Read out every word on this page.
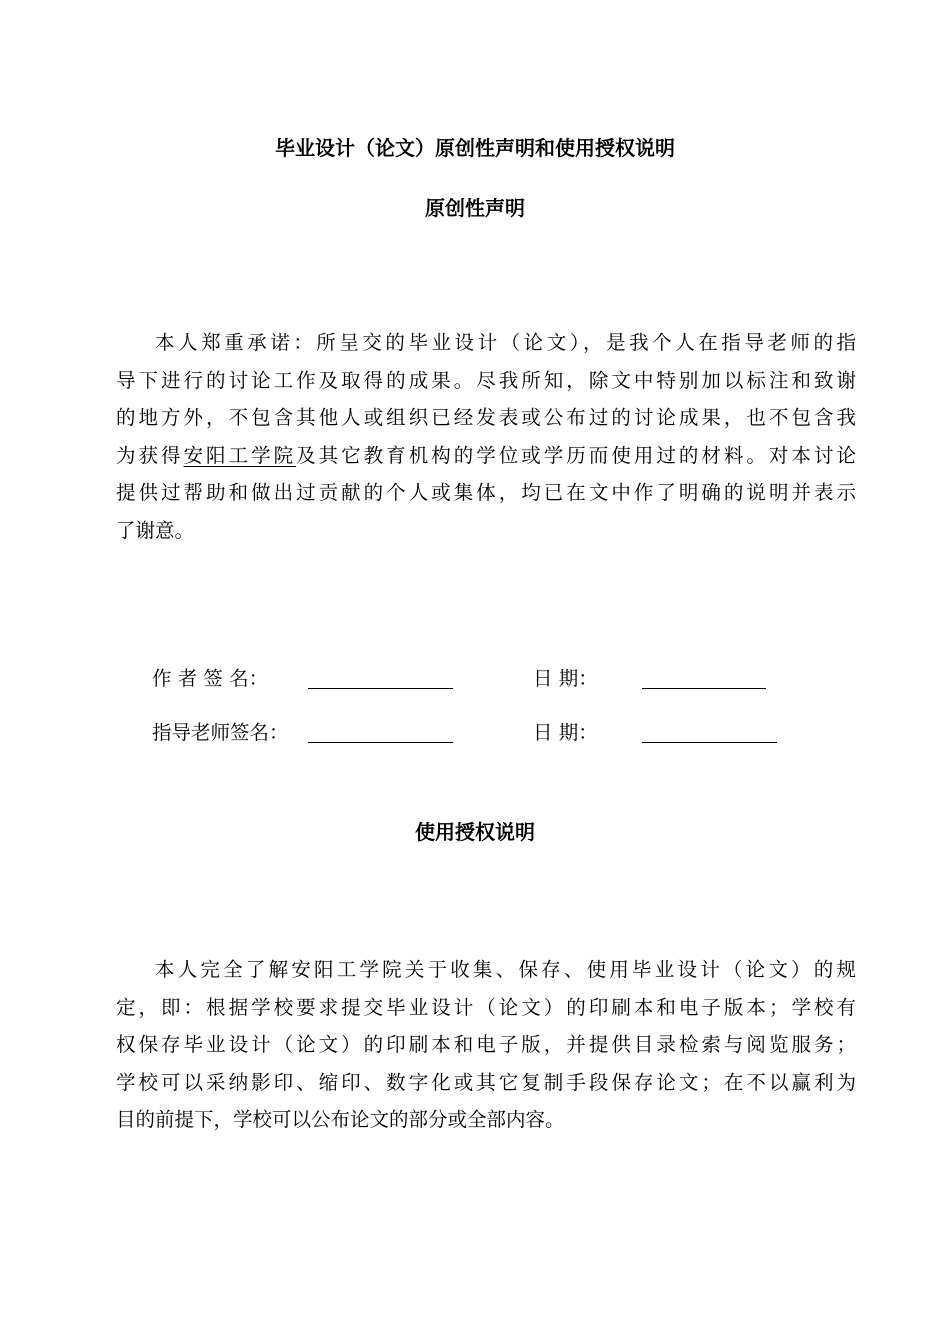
毕业设计（论文）原创性声明和使用授权说明
原创性声明
本人郑重承诺：所呈交的毕业设计（论文），是我个人在指导老师的指
导下进行的讨论工作及取得的成果。尽我所知，除文中特别加以标注和致谢
的地方外，不包含其他人或组织已经发表或公布过的讨论成果，也不包含我
为获得安阳工学院及其它教育机构的学位或学历而使用过的材料。对本讨论
提供过帮助和做出过贡献的个人或集体，均已在文中作了明确的说明并表示
了谢意。
作 者 签 名：	日 期：
指导老师签名：	日 期：
使用授权说明
本人完全了解安阳工学院关于收集、保存、使用毕业设计（论文）的规
定，即：根据学校要求提交毕业设计（论文）的印刷本和电子版本；学校有
权保存毕业设计（论文）的印刷本和电子版，并提供目录检索与阅览服务；
学校可以采纳影印、缩印、数字化或其它复制手段保存论文；在不以赢利为
目的前提下，学校可以公布论文的部分或全部内容。
